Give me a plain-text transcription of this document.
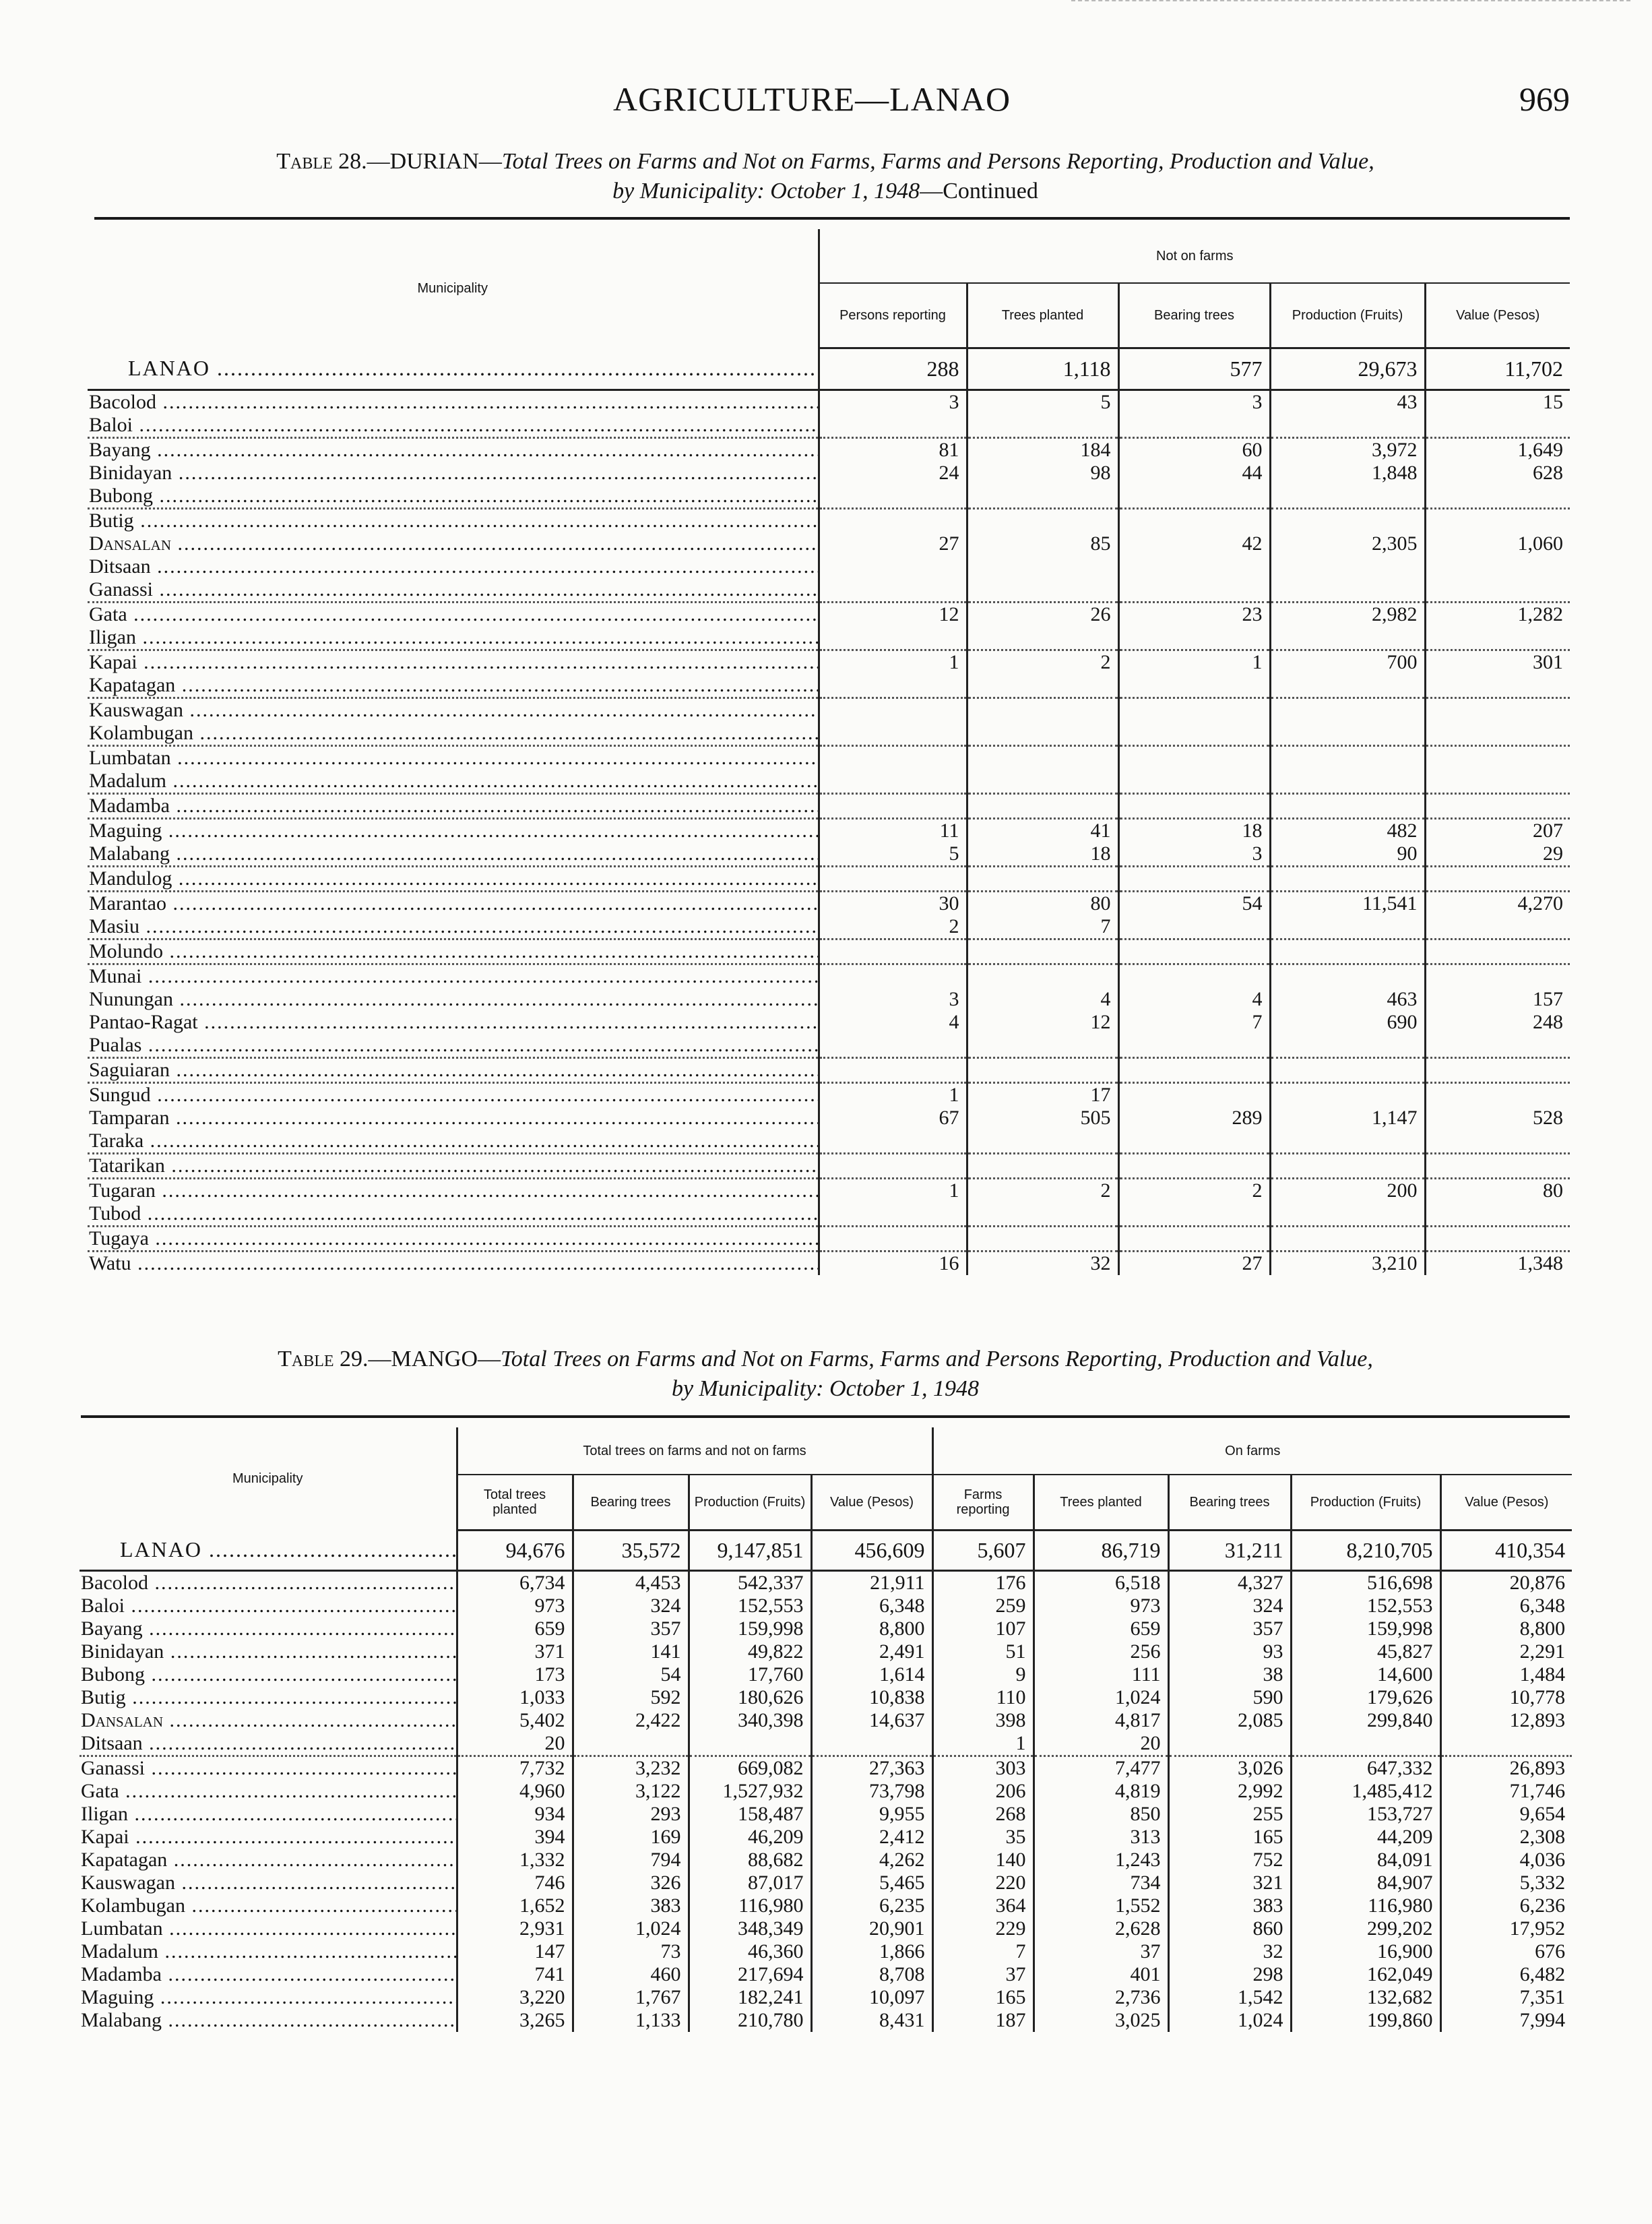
AGRICULTURE—LANAO	969
Table 28.—DURIAN—Total Trees on Farms and Not on Farms, Farms and Persons Reporting, Production and Value,
by Municipality: October 1, 1948—Continued
Municipality	Not on farms				
	Persons reporting	Trees planted	Bearing trees	Production (Fruits)	Value (Pesos)
LANAO .....	288	1,118	577	29,673	11,702
Bacolod .....	3	5	3	43	15
Baloi .....					
Bayang .....	81	184	60	3,972	1,649
Binidayan .....	24	98	44	1,848	628
Bubong .....					
Butig .....					
Dansalan .....	27	85	42	2,305	1,060
Ditsaan .....					
Ganassi .....					
Gata .....	12	26	23	2,982	1,282
Iligan .....					
Kapai .....	1	2	1	700	301
Kapatagan .....					
Kauswagan .....					
Kolambugan .....					
Lumbatan .....					
Madalum .....					
Madamba .....					
Maguing .....	11	41	18	482	207
Malabang .....	5	18	3	90	29
Mandulog .....					
Marantao .....	30	80	54	11,541	4,270
Masiu .....	2	7			
Molundo .....					
Munai .....					
Nunungan .....	3	4	4	463	157
Pantao-Ragat .....	4	12	7	690	248
Pualas .....					
Saguiaran .....					
Sungud .....	1	17			
Tamparan .....	67	505	289	1,147	528
Taraka .....					
Tatarikan .....					
Tugaran .....	1	2	2	200	80
Tubod .....					
Tugaya .....					
Watu .....	16	32	27	3,210	1,348
Table 29.—MANGO—Total Trees on Farms and Not on Farms, Farms and Persons Reporting, Production and Value,
by Municipality: October 1, 1948
Municipality	Total trees on farms and not on farms				On farms				
	Total trees planted	Bearing trees	Production (Fruits)	Value (Pesos)	Farms reporting	Trees planted	Bearing trees	Production (Fruits)	Value (Pesos)
LANAO .....	94,676	35,572	9,147,851	456,609	5,607	86,719	31,211	8,210,705	410,354
Bacolod .....	6,734	4,453	542,337	21,911	176	6,518	4,327	516,698	20,876
Baloi .....	973	324	152,553	6,348	259	973	324	152,553	6,348
Bayang .....	659	357	159,998	8,800	107	659	357	159,998	8,800
Binidayan .....	371	141	49,822	2,491	51	256	93	45,827	2,291
Bubong .....	173	54	17,760	1,614	9	111	38	14,600	1,484
Butig .....	1,033	592	180,626	10,838	110	1,024	590	179,626	10,778
Dansalan .....	5,402	2,422	340,398	14,637	398	4,817	2,085	299,840	12,893
Ditsaan .....	20				1	20			
Ganassi .....	7,732	3,232	669,082	27,363	303	7,477	3,026	647,332	26,893
Gata .....	4,960	3,122	1,527,932	73,798	206	4,819	2,992	1,485,412	71,746
Iligan .....	934	293	158,487	9,955	268	850	255	153,727	9,654
Kapai .....	394	169	46,209	2,412	35	313	165	44,209	2,308
Kapatagan .....	1,332	794	88,682	4,262	140	1,243	752	84,091	4,036
Kauswagan .....	746	326	87,017	5,465	220	734	321	84,907	5,332
Kolambugan .....	1,652	383	116,980	6,235	364	1,552	383	116,980	6,236
Lumbatan .....	2,931	1,024	348,349	20,901	229	2,628	860	299,202	17,952
Madalum .....	147	73	46,360	1,866	7	37	32	16,900	676
Madamba .....	741	460	217,694	8,708	37	401	298	162,049	6,482
Maguing .....	3,220	1,767	182,241	10,097	165	2,736	1,542	132,682	7,351
Malabang .....	3,265	1,133	210,780	8,431	187	3,025	1,024	199,860	7,994
